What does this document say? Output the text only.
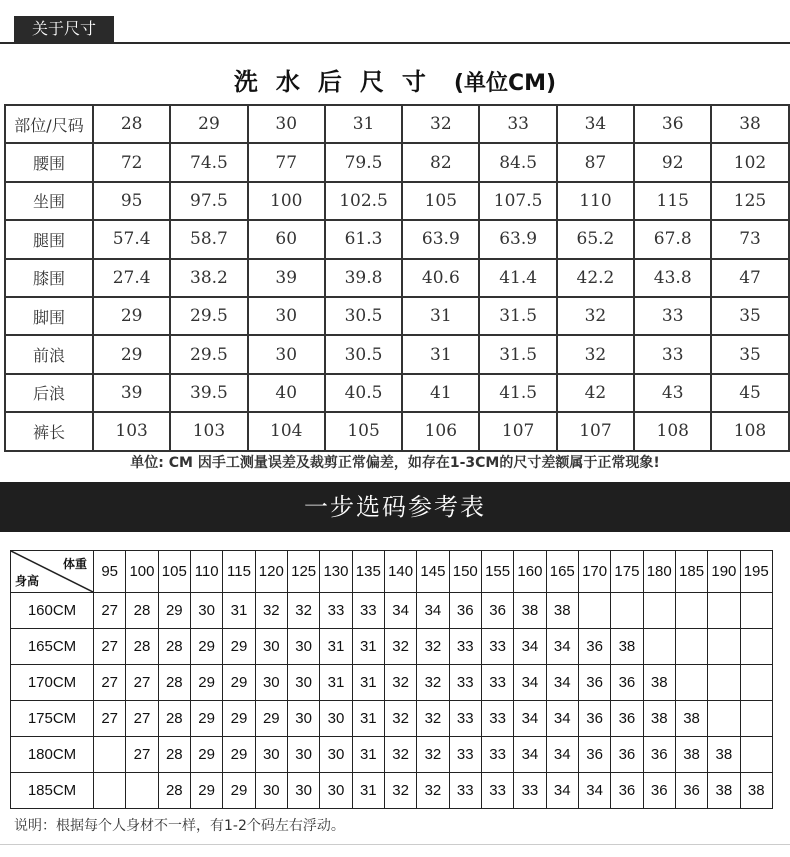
关于尺寸
洗水后尺寸 (单位CM)
部位/尺码	28	29	30	31	32	33	34	36	38
腰围	72	74.5	77	79.5	82	84.5	87	92	102
坐围	95	97.5	100	102.5	105	107.5	110	115	125
腿围	57.4	58.7	60	61.3	63.9	63.9	65.2	67.8	73
膝围	27.4	38.2	39	39.8	40.6	41.4	42.2	43.8	47
脚围	29	29.5	30	30.5	31	31.5	32	33	35
前浪	29	29.5	30	30.5	31	31.5	32	33	35
后浪	39	39.5	40	40.5	41	41.5	42	43	45
裤长	103	103	104	105	106	107	107	108	108
单位: CM 因手工测量误差及裁剪正常偏差，如存在1-3CM的尺寸差额属于正常现象!
一步选码参考表
体重
身高	95	100	105	110	115	120	125	130	135	140	145	150	155	160	165	170	175	180	185	190	195
160CM	27	28	29	30	31	32	32	33	33	34	34	36	36	38	38						
165CM	27	28	28	29	29	30	30	31	31	32	32	33	33	34	34	36	38				
170CM	27	27	28	29	29	30	30	31	31	32	32	33	33	34	34	36	36	38			
175CM	27	27	28	29	29	29	30	30	31	32	32	33	33	34	34	36	36	38	38		
180CM		27	28	29	29	30	30	30	31	32	32	33	33	34	34	36	36	36	38	38	
185CM			28	29	29	30	30	30	31	32	32	33	33	33	34	34	36	36	36	38	38
说明：根据每个人身材不一样，有1-2个码左右浮动。
